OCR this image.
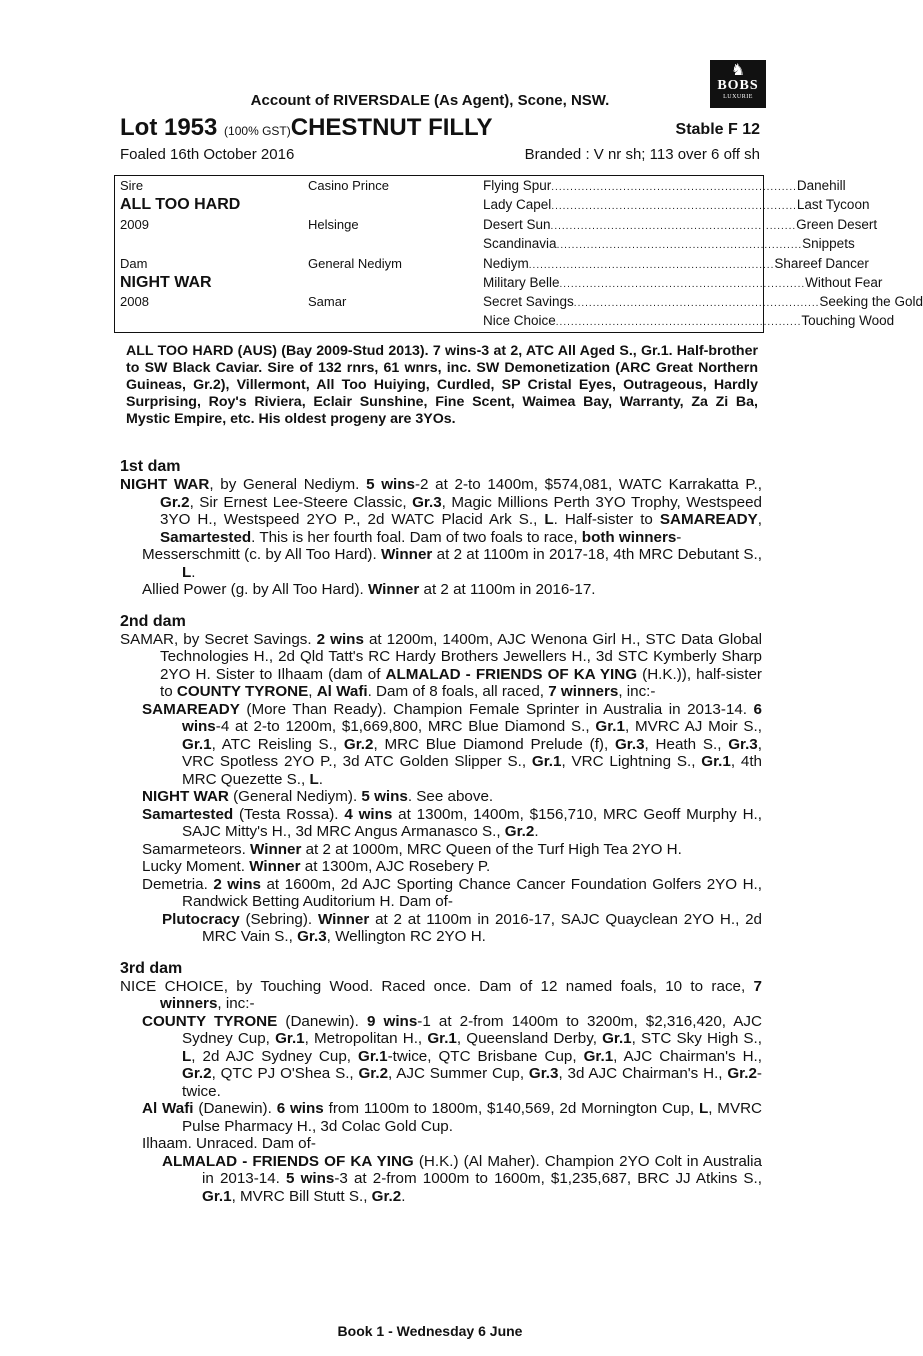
♞
BOBS
LUXURIE
Account of RIVERSDALE (As Agent), Scone, NSW.
Lot 1953 (100% GST)CHESTNUT FILLY	Stable F 12
Foaled 16th October 2016	Branded : V nr sh; 113 over 6 off sh
Sire
ALL TOO HARD
2009
Dam
NIGHT WAR
2008
Casino Prince
Helsinge
General Nediym
Samar
Flying Spur ................................................................. Danehill
Lady Capel ................................................................. Last Tycoon
Desert Sun ................................................................. Green Desert
Scandinavia ................................................................. Snippets
Nediym ................................................................. Shareef Dancer
Military Belle ................................................................. Without Fear
Secret Savings ................................................................. Seeking the Gold
Nice Choice ................................................................. Touching Wood
ALL TOO HARD (AUS) (Bay 2009-Stud 2013). 7 wins-3 at 2, ATC All Aged S., Gr.1. Half-brother to SW Black Caviar. Sire of 132 rnrs, 61 wnrs, inc. SW Demonetization (ARC Great Northern Guineas, Gr.2), Villermont, All Too Huiying, Curdled, SP Cristal Eyes, Outrageous, Hardly Surprising, Roy's Riviera, Eclair Sunshine, Fine Scent, Waimea Bay, Warranty, Za Zi Ba, Mystic Empire, etc. His oldest progeny are 3YOs.
1st dam

NIGHT WAR, by General Nediym. 5 wins-2 at 2-to 1400m, $574,081, WATC Karrakatta P., Gr.2, Sir Ernest Lee-Steere Classic, Gr.3, Magic Millions Perth 3YO Trophy, Westspeed 3YO H., Westspeed 2YO P., 2d WATC Placid Ark S., L. Half-sister to SAMAREADY, Samartested. This is her fourth foal. Dam of two foals to race, both winners-

Messerschmitt (c. by All Too Hard). Winner at 2 at 1100m in 2017-18, 4th MRC Debutant S., L.

Allied Power (g. by All Too Hard). Winner at 2 at 1100m in 2016-17.

2nd dam

SAMAR, by Secret Savings. 2 wins at 1200m, 1400m, AJC Wenona Girl H., STC Data Global Technologies H., 2d Qld Tatt's RC Hardy Brothers Jewellers H., 3d STC Kymberly Sharp 2YO H. Sister to Ilhaam (dam of ALMALAD - FRIENDS OF KA YING (H.K.)), half-sister to COUNTY TYRONE, Al Wafi. Dam of 8 foals, all raced, 7 winners, inc:-

SAMAREADY (More Than Ready). Champion Female Sprinter in Australia in 2013-14. 6 wins-4 at 2-to 1200m, $1,669,800, MRC Blue Diamond S., Gr.1, MVRC AJ Moir S., Gr.1, ATC Reisling S., Gr.2, MRC Blue Diamond Prelude (f), Gr.3, Heath S., Gr.3, VRC Spotless 2YO P., 3d ATC Golden Slipper S., Gr.1, VRC Lightning S., Gr.1, 4th MRC Quezette S., L.

NIGHT WAR (General Nediym). 5 wins. See above.

Samartested (Testa Rossa). 4 wins at 1300m, 1400m, $156,710, MRC Geoff Murphy H., SAJC Mitty's H., 3d MRC Angus Armanasco S., Gr.2.

Samarmeteors. Winner at 2 at 1000m, MRC Queen of the Turf High Tea 2YO H.

Lucky Moment. Winner at 1300m, AJC Rosebery P.

Demetria. 2 wins at 1600m, 2d AJC Sporting Chance Cancer Foundation Golfers 2YO H., Randwick Betting Auditorium H. Dam of-

Plutocracy (Sebring). Winner at 2 at 1100m in 2016-17, SAJC Quayclean 2YO H., 2d MRC Vain S., Gr.3, Wellington RC 2YO H.

3rd dam

NICE CHOICE, by Touching Wood. Raced once. Dam of 12 named foals, 10 to race, 7 winners, inc:-

COUNTY TYRONE (Danewin). 9 wins-1 at 2-from 1400m to 3200m, $2,316,420, AJC Sydney Cup, Gr.1, Metropolitan H., Gr.1, Queensland Derby, Gr.1, STC Sky High S., L, 2d AJC Sydney Cup, Gr.1-twice, QTC Brisbane Cup, Gr.1, AJC Chairman's H., Gr.2, QTC PJ O'Shea S., Gr.2, AJC Summer Cup, Gr.3, 3d AJC Chairman's H., Gr.2-twice.

Al Wafi (Danewin). 6 wins from 1100m to 1800m, $140,569, 2d Mornington Cup, L, MVRC Pulse Pharmacy H., 3d Colac Gold Cup.

Ilhaam. Unraced. Dam of-

ALMALAD - FRIENDS OF KA YING (H.K.) (Al Maher). Champion 2YO Colt in Australia in 2013-14. 5 wins-3 at 2-from 1000m to 1600m, $1,235,687, BRC JJ Atkins S., Gr.1, MVRC Bill Stutt S., Gr.2.

Book 1 - Wednesday 6 June
